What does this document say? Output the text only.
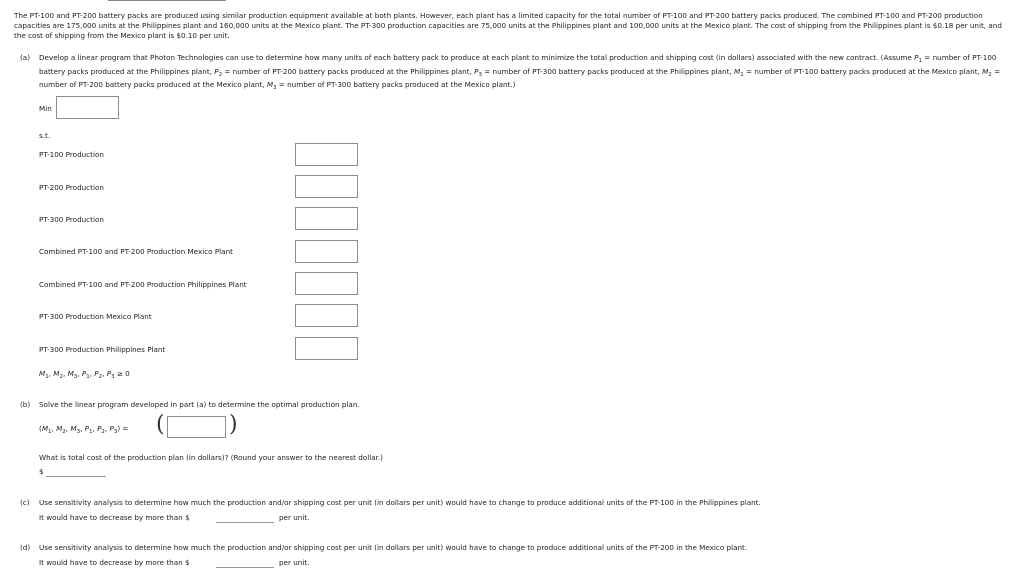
The PT-100 and PT-200 battery packs are produced using similar production equipment available at both plants. However, each plant has a limited capacity for the total number of PT-100 and PT-200 battery packs produced. The combined PT-100 and PT-200 production capacities are 175,000 units at the Philippines plant and 160,000 units at the Mexico plant. The PT-300 production capacities are 75,000 units at the Philippines plant and 100,000 units at the Mexico plant. The cost of shipping from the Philippines plant is $0.18 per unit, and the cost of shipping from the Mexico plant is $0.10 per unit.
(a) Develop a linear program that Photon Technologies can use to determine how many units of each battery pack to produce at each plant to minimize the total production and shipping cost (in dollars) associated with the new contract. (Assume $P_1$ = number of PT-100 battery packs produced at the Philippines plant, $P_2$ = number of PT-200 battery packs produced at the Philippines plant, $P_3$ = number of PT-300 battery packs produced at the Philippines plant, $M_1$ = number of PT-100 battery packs produced at the Mexico plant, $M_2$ = number of PT-200 battery packs produced at the Mexico plant, $M_3$ = number of PT-300 battery packs produced at the Mexico plant.)
Min
s.t.
PT-100 Production
PT-200 Production
PT-300 Production
Combined PT-100 and PT-200 Production Mexico Plant
Combined PT-100 and PT-200 Production Philippines Plant
PT-300 Production Mexico Plant
PT-300 Production Philippines Plant
$M_1$, $M_2$, $M_3$, $P_1$, $P_2$, $P_3 \ge 0$
(b) Solve the linear program developed in part (a) to determine the optimal production plan.
($M_1$, $M_2$, $M_3$, $P_1$, $P_2$, $P_3$) = (	)
What is total cost of the production plan (in dollars)? (Round your answer to the nearest dollar.)
$
(c) Use sensitivity analysis to determine how much the production and/or shipping cost per unit (in dollars per unit) would have to change to produce additional units of the PT-100 in the Philippines plant.
It would have to decrease by more than $	per unit.
(d) Use sensitivity analysis to determine how much the production and/or shipping cost per unit (in dollars per unit) would have to change to produce additional units of the PT-200 in the Mexico plant.
It would have to decrease by more than $	per unit.
